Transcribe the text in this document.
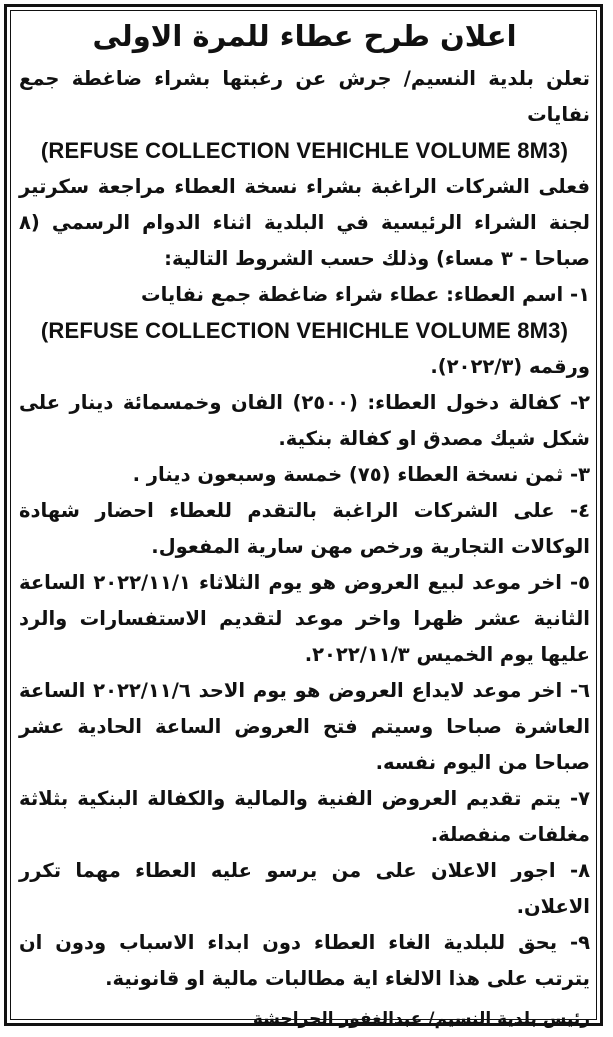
اعلان طرح عطاء للمرة الاولى

تعلن بلدية النسيم/ جرش عن رغبتها بشراء ضاغطة جمع نفايات

(REFUSE COLLECTION VEHICHLE VOLUME 8M3)

فعلى الشركات الراغبة بشراء نسخة العطاء مراجعة سكرتير لجنة الشراء الرئيسية في البلدية اثناء الدوام الرسمي (٨ صباحا - ٣ مساء) وذلك حسب الشروط التالية:

١- اسم العطاء: عطاء شراء ضاغطة جمع نفايات

(REFUSE COLLECTION VEHICHLE VOLUME 8M3)

ورقمه (٢٠٢٢/٣).

٢- كفالة دخول العطاء: (٢٥٠٠) الفان وخمسمائة دينار على شكل شيك مصدق او كفالة بنكية.

٣- ثمن نسخة العطاء (٧٥) خمسة وسبعون دينار .

٤- على الشركات الراغبة بالتقدم للعطاء احضار شهادة الوكالات التجارية ورخص مهن سارية المفعول.

٥- اخر موعد لبيع العروض هو يوم الثلاثاء ٢٠٢٢/١١/١ الساعة الثانية عشر ظهرا واخر موعد لتقديم الاستفسارات والرد عليها يوم الخميس ٢٠٢٢/١١/٣.

٦- اخر موعد لايداع العروض هو يوم الاحد ٢٠٢٢/١١/٦ الساعة العاشرة صباحا وسيتم فتح العروض الساعة الحادية عشر صباحا من اليوم نفسه.

٧- يتم تقديم العروض الفنية والمالية والكفالة البنكية بثلاثة مغلفات منفصلة.

٨- اجور الاعلان على من يرسو عليه العطاء مهما تكرر الاعلان.

٩- يحق للبلدية الغاء العطاء دون ابداء الاسباب ودون ان يترتب على هذا الالغاء اية مطالبات مالية او قانونية.

رئيس بلدية النسيم/ عبدالغفور الحراحشة
